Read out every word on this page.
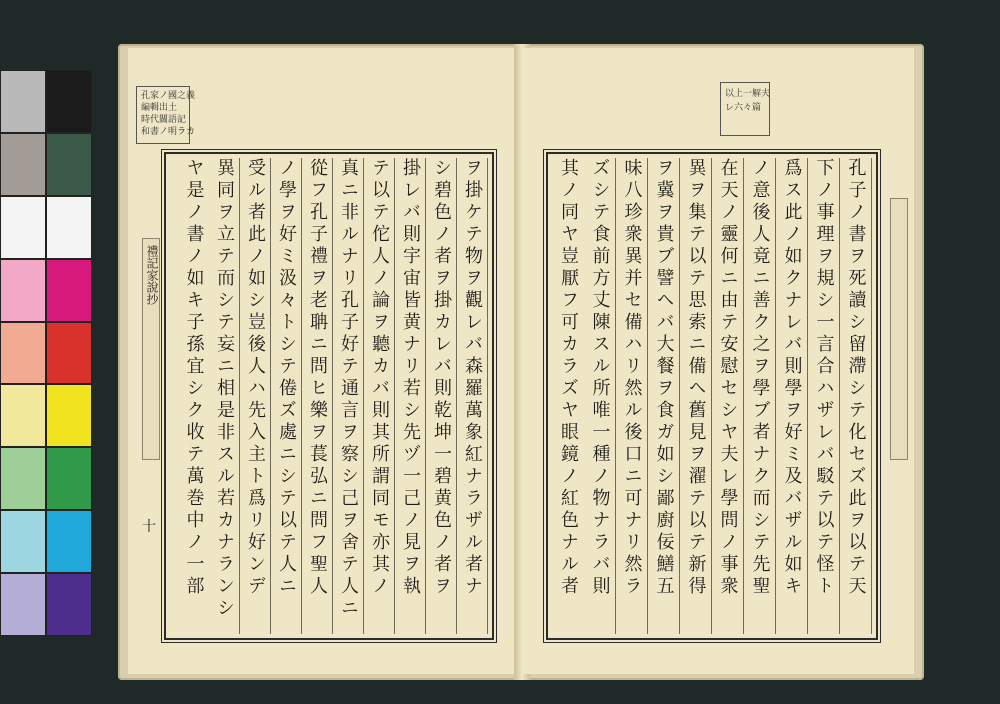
孔家ノ國之義
編輯出土
時代關語記
和書ノ明ラカ
ヲ掛ケテ物ヲ觀レバ森羅萬象紅ナラザル者ナ
シ碧色ノ者ヲ掛カレバ則乾坤一碧黄色ノ者ヲ
掛レバ則宇宙皆黄ナリ若シ先ヅ一己ノ見ヲ執
テ以テ佗人ノ論ヲ聽カバ則其所謂同モ亦其ノ
真ニ非ルナリ孔子好テ通言ヲ察シ己ヲ舍テ人ニ
從フ孔子禮ヲ老聃ニ問ヒ樂ヲ萇弘ニ問フ聖人
ノ學ヲ好ミ汲々トシテ倦ズ處ニシテ以テ人ニ
受ル者此ノ如シ豈後人ハ先入主ト爲リ好ンデ
異同ヲ立テ而シテ妄ニ相是非スル若カナランシ
ヤ是ノ書ノ如キ子孫宜シク收テ萬巻中ノ一部
禮記家說抄
十
以上一解夫
レ六々篇
孔子ノ書ヲ死讀シ留滯シテ化セズ此ヲ以テ天
下ノ事理ヲ規シ一言合ハザレバ駁テ以テ怪ト
爲ス此ノ如クナレバ則學ヲ好ミ及バザル如キ
ノ意後人竟ニ善ク之ヲ學ブ者ナク而シテ先聖
在天ノ靈何ニ由テ安慰セシヤ夫レ學問ノ事衆
異ヲ集テ以テ思索ニ備ヘ舊見ヲ濯テ以テ新得
ヲ冀ヲ貴ブ譬ヘバ大餐ヲ食ガ如シ鄙廚佞鱔五
味八珍衆異并セ備ハリ然ル後口ニ可ナリ然ラ
ズシテ食前方丈陳スル所唯一種ノ物ナラバ則
其ノ同ヤ豈厭フ可カラズヤ眼鏡ノ紅色ナル者
